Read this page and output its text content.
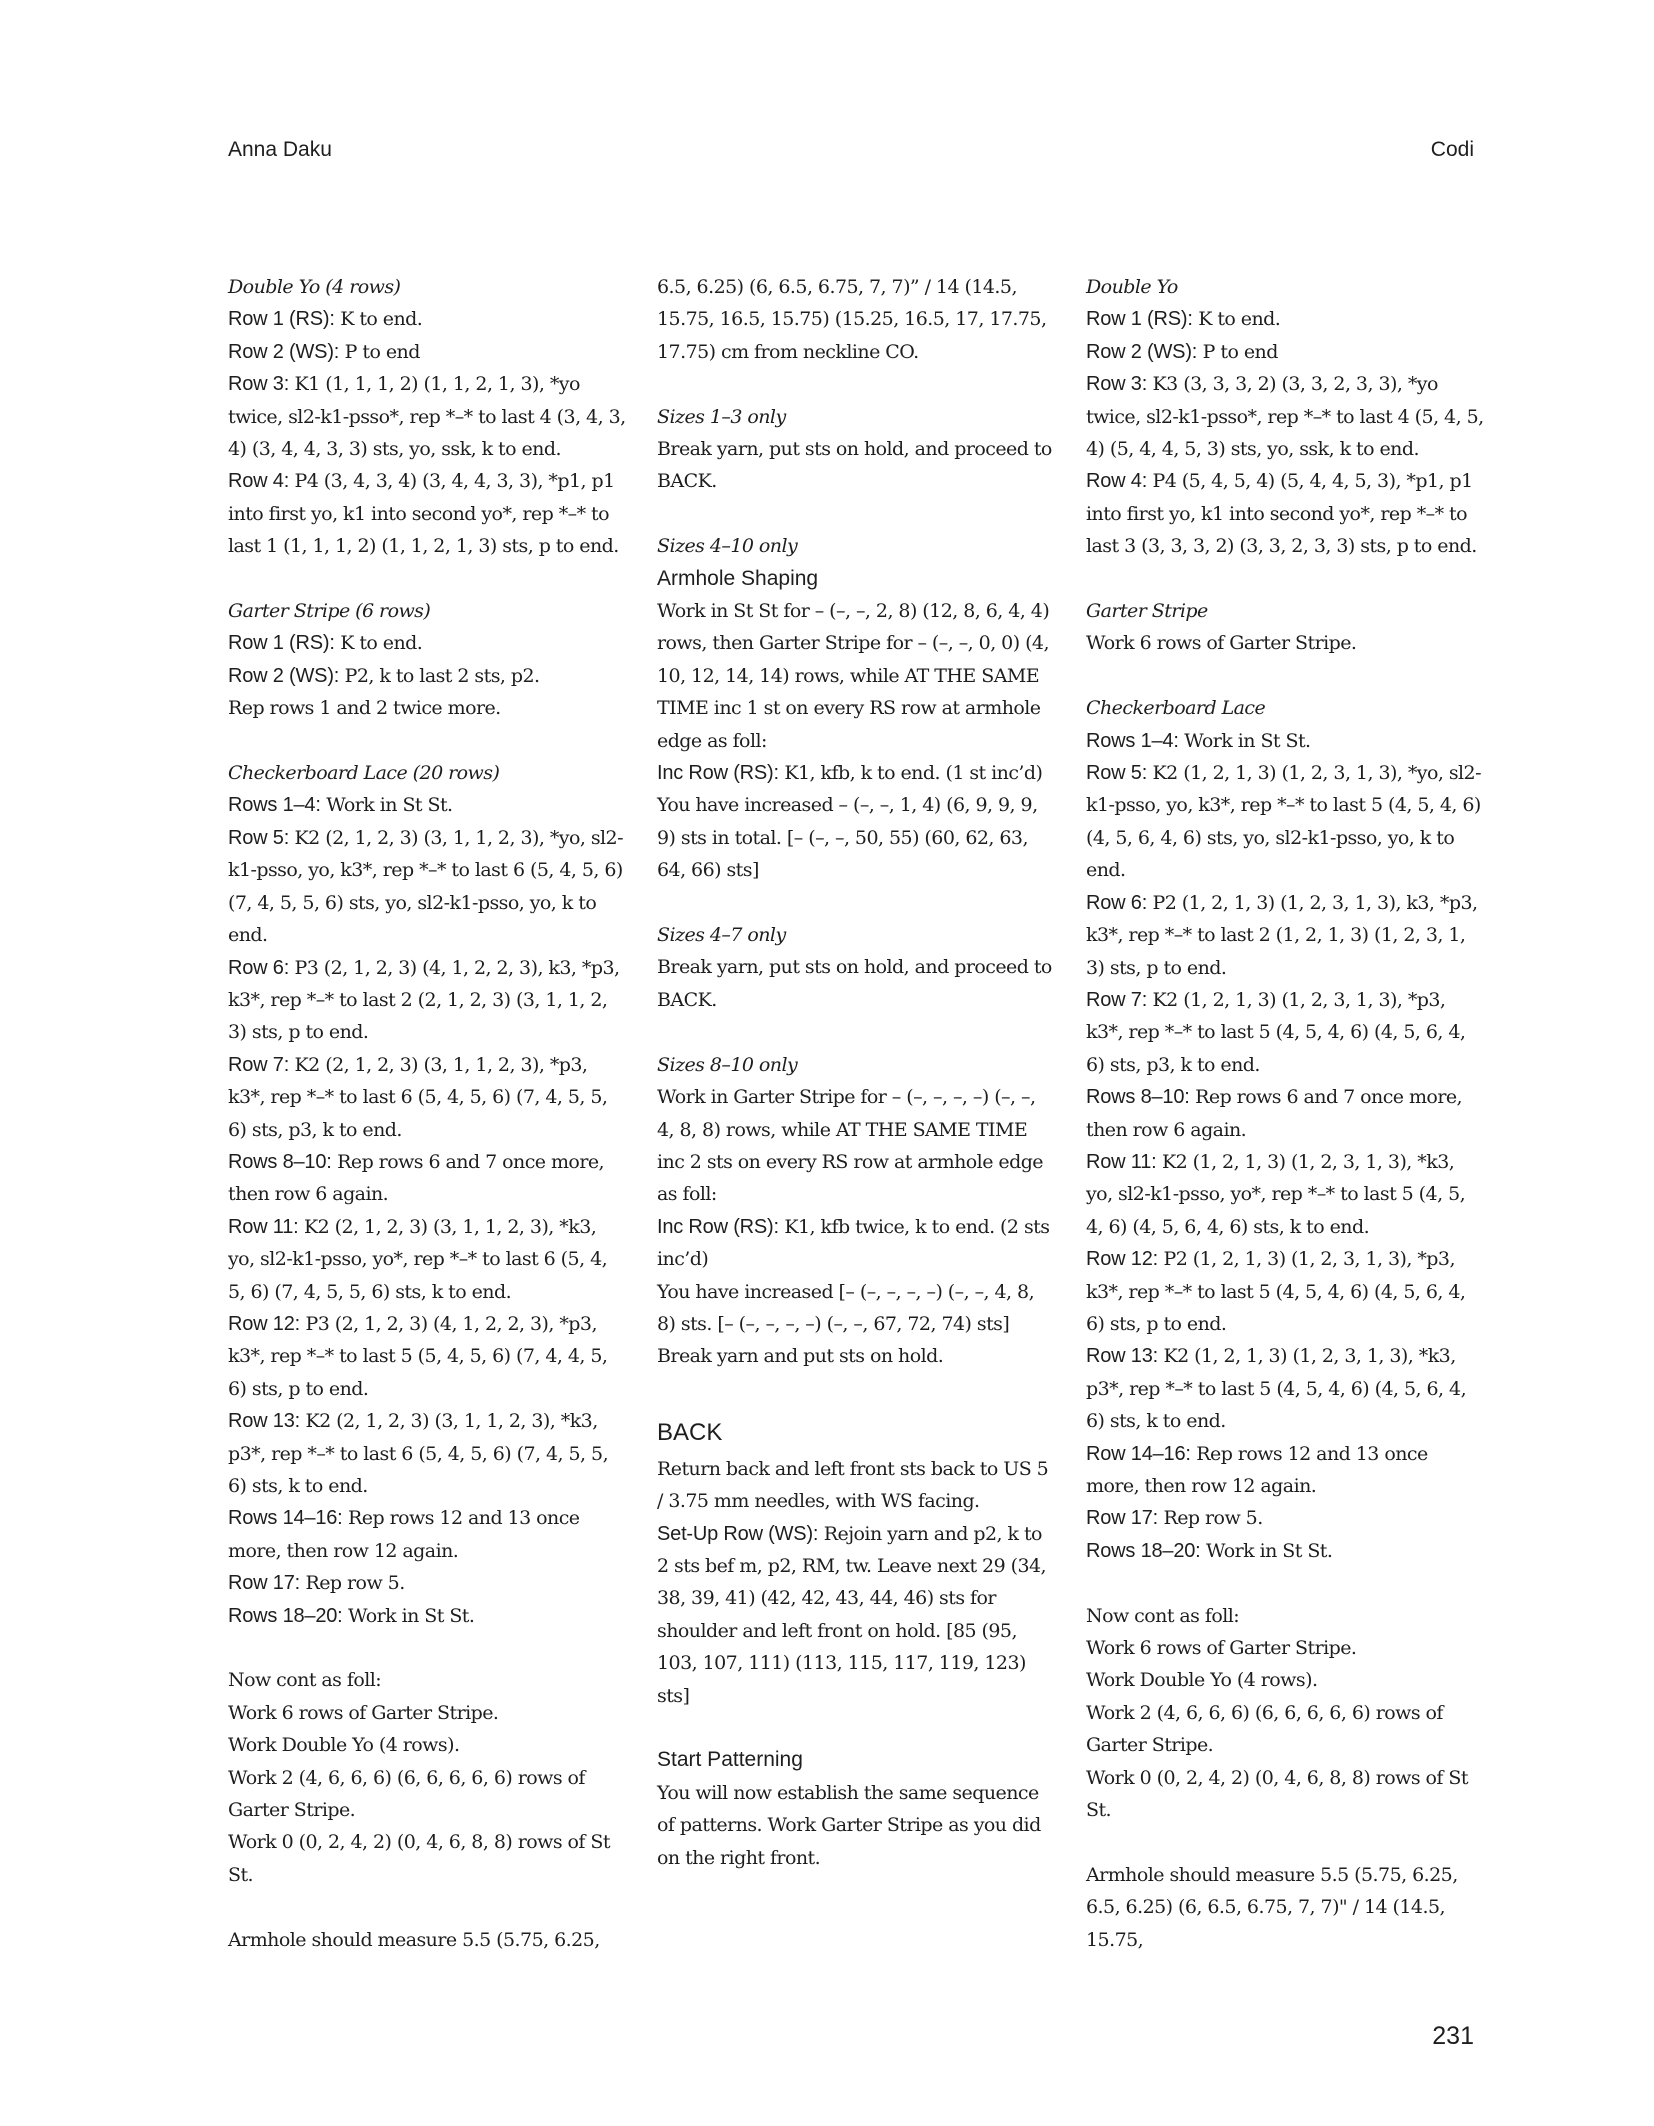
Anna Daku	Codi

Double Yo (4 rows)

Row 1 (RS): K to end.

Row 2 (WS): P to end

Row 3: K1 (1, 1, 1, 2) (1, 1, 2, 1, 3), *yo twice, sl2-k1-psso*, rep *–* to last 4 (3, 4, 3, 4) (3, 4, 4, 3, 3) sts, yo, ssk, k to end.

Row 4: P4 (3, 4, 3, 4) (3, 4, 4, 3, 3), *p1, p1 into first yo, k1 into second yo*, rep *–* to last 1 (1, 1, 1, 2) (1, 1, 2, 1, 3) sts, p to end.

Garter Stripe (6 rows)

Row 1 (RS): K to end.

Row 2 (WS): P2, k to last 2 sts, p2.

Rep rows 1 and 2 twice more.

Checkerboard Lace (20 rows)

Rows 1–4: Work in St St.

Row 5: K2 (2, 1, 2, 3) (3, 1, 1, 2, 3), *yo, sl2-k1-psso, yo, k3*, rep *–* to last 6 (5, 4, 5, 6) (7, 4, 5, 5, 6) sts, yo, sl2-k1-psso, yo, k to end.

Row 6: P3 (2, 1, 2, 3) (4, 1, 2, 2, 3), k3, *p3, k3*, rep *–* to last 2 (2, 1, 2, 3) (3, 1, 1, 2, 3) sts, p to end.

Row 7: K2 (2, 1, 2, 3) (3, 1, 1, 2, 3), *p3, k3*, rep *–* to last 6 (5, 4, 5, 6) (7, 4, 5, 5, 6) sts, p3, k to end.

Rows 8–10: Rep rows 6 and 7 once more, then row 6 again.

Row 11: K2 (2, 1, 2, 3) (3, 1, 1, 2, 3), *k3, yo, sl2-k1-psso, yo*, rep *–* to last 6 (5, 4, 5, 6) (7, 4, 5, 5, 6) sts, k to end.

Row 12: P3 (2, 1, 2, 3) (4, 1, 2, 2, 3), *p3, k3*, rep *–* to last 5 (5, 4, 5, 6) (7, 4, 4, 5, 6) sts, p to end.

Row 13: K2 (2, 1, 2, 3) (3, 1, 1, 2, 3), *k3, p3*, rep *–* to last 6 (5, 4, 5, 6) (7, 4, 5, 5, 6) sts, k to end.

Rows 14–16: Rep rows 12 and 13 once more, then row 12 again.

Row 17: Rep row 5.

Rows 18–20: Work in St St.

Now cont as foll:

Work 6 rows of Garter Stripe.

Work Double Yo (4 rows).

Work 2 (4, 6, 6, 6) (6, 6, 6, 6, 6) rows of Garter Stripe.

Work 0 (0, 2, 4, 2) (0, 4, 6, 8, 8) rows of St St.

Armhole should measure 5.5 (5.75, 6.25,

6.5, 6.25) (6, 6.5, 6.75, 7, 7)” / 14 (14.5, 15.75, 16.5, 15.75) (15.25, 16.5, 17, 17.75, 17.75) cm from neckline CO.

Sizes 1–3 only

Break yarn, put sts on hold, and proceed to BACK.

Sizes 4–10 only

Armhole Shaping

Work in St St for – (–, –, 2, 8) (12, 8, 6, 4, 4) rows, then Garter Stripe for – (–, –, 0, 0) (4, 10, 12, 14, 14) rows, while AT THE SAME TIME inc 1 st on every RS row at armhole edge as foll:

Inc Row (RS): K1, kfb, k to end. (1 st inc’d)

You have increased – (–, –, 1, 4) (6, 9, 9, 9, 9) sts in total. [– (–, –, 50, 55) (60, 62, 63, 64, 66) sts]

Sizes 4–7 only

Break yarn, put sts on hold, and proceed to BACK.

Sizes 8–10 only

Work in Garter Stripe for – (–, –, –, –) (–, –, 4, 8, 8) rows, while AT THE SAME TIME inc 2 sts on every RS row at armhole edge as foll:

Inc Row (RS): K1, kfb twice, k to end. (2 sts inc’d)

You have increased [– (–, –, –, –) (–, –, 4, 8, 8) sts. [– (–, –, –, –) (–, –, 67, 72, 74) sts]

Break yarn and put sts on hold.

BACK

Return back and left front sts back to US 5 / 3.75 mm needles, with WS facing.

Set-Up Row (WS): Rejoin yarn and p2, k to 2 sts bef m, p2, RM, tw. Leave next 29 (34, 38, 39, 41) (42, 42, 43, 44, 46) sts for shoulder and left front on hold. [85 (95, 103, 107, 111) (113, 115, 117, 119, 123) sts]

Start Patterning

You will now establish the same sequence of patterns. Work Garter Stripe as you did on the right front.

Double Yo

Row 1 (RS): K to end.

Row 2 (WS): P to end

Row 3: K3 (3, 3, 3, 2) (3, 3, 2, 3, 3), *yo twice, sl2-k1-psso*, rep *–* to last 4 (5, 4, 5, 4) (5, 4, 4, 5, 3) sts, yo, ssk, k to end.

Row 4: P4 (5, 4, 5, 4) (5, 4, 4, 5, 3), *p1, p1 into first yo, k1 into second yo*, rep *–* to last 3 (3, 3, 3, 2) (3, 3, 2, 3, 3) sts, p to end.

Garter Stripe

Work 6 rows of Garter Stripe.

Checkerboard Lace

Rows 1–4: Work in St St.

Row 5: K2 (1, 2, 1, 3) (1, 2, 3, 1, 3), *yo, sl2-k1-psso, yo, k3*, rep *–* to last 5 (4, 5, 4, 6) (4, 5, 6, 4, 6) sts, yo, sl2-k1-psso, yo, k to end.

Row 6: P2 (1, 2, 1, 3) (1, 2, 3, 1, 3), k3, *p3, k3*, rep *–* to last 2 (1, 2, 1, 3) (1, 2, 3, 1, 3) sts, p to end.

Row 7: K2 (1, 2, 1, 3) (1, 2, 3, 1, 3), *p3, k3*, rep *–* to last 5 (4, 5, 4, 6) (4, 5, 6, 4, 6) sts, p3, k to end.

Rows 8–10: Rep rows 6 and 7 once more, then row 6 again.

Row 11: K2 (1, 2, 1, 3) (1, 2, 3, 1, 3), *k3, yo, sl2-k1-psso, yo*, rep *–* to last 5 (4, 5, 4, 6) (4, 5, 6, 4, 6) sts, k to end.

Row 12: P2 (1, 2, 1, 3) (1, 2, 3, 1, 3), *p3, k3*, rep *–* to last 5 (4, 5, 4, 6) (4, 5, 6, 4, 6) sts, p to end.

Row 13: K2 (1, 2, 1, 3) (1, 2, 3, 1, 3), *k3, p3*, rep *–* to last 5 (4, 5, 4, 6) (4, 5, 6, 4, 6) sts, k to end.

Row 14–16: Rep rows 12 and 13 once more, then row 12 again.

Row 17: Rep row 5.

Rows 18–20: Work in St St.

Now cont as foll:

Work 6 rows of Garter Stripe.

Work Double Yo (4 rows).

Work 2 (4, 6, 6, 6) (6, 6, 6, 6, 6) rows of Garter Stripe.

Work 0 (0, 2, 4, 2) (0, 4, 6, 8, 8) rows of St St.

Armhole should measure 5.5 (5.75, 6.25, 6.5, 6.25) (6, 6.5, 6.75, 7, 7)" / 14 (14.5, 15.75,

231
